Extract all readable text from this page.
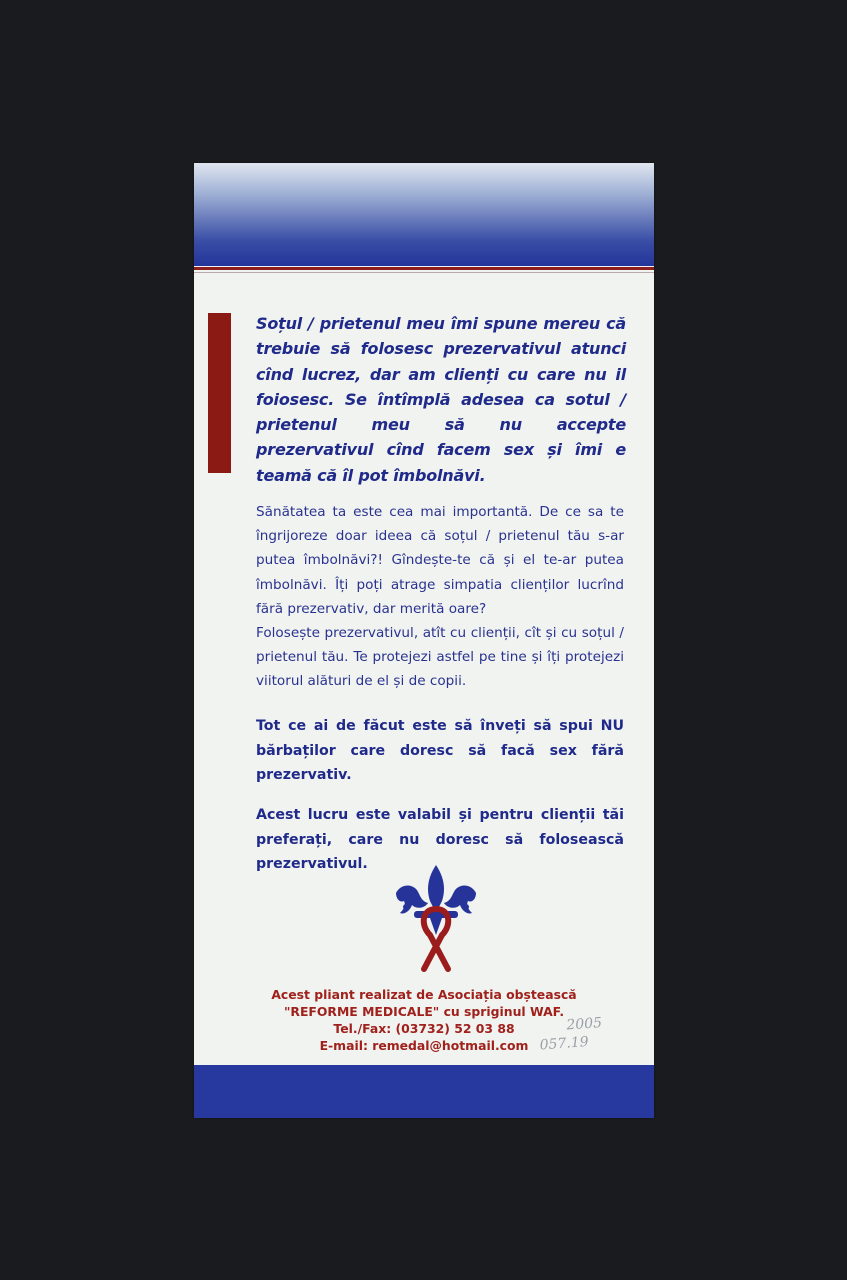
Soțul / prietenul meu îmi spune mereu că trebuie să folosesc prezervativul atunci cînd lucrez, dar am clienți cu care nu il foiosesc. Se întîmplă adesea ca sotul / prietenul meu să nu accepte prezervativul cînd facem sex și îmi e teamă că îl pot îmbolnăvi.

Sănătatea ta este cea mai importantă. De ce sa te îngrijoreze doar ideea că soțul / prietenul tău s-ar putea îmbolnăvi?! Gîndește-te că și el te-ar putea îmbolnăvi. Îți poți atrage simpatia clienților lucrînd fără prezervativ, dar merită oare?

Folosește prezervativul, atît cu clienții, cît și cu soțul / prietenul tău. Te protejezi astfel pe tine și îți protejezi viitorul alături de el și de copii.

Tot ce ai de făcut este să înveți să spui NU bărbaților care doresc să facă sex fără prezervativ.
Acest lucru este valabil și pentru clienții tăi preferați, care nu doresc să folosească prezervativul.
Acest pliant realizat de Asociația obștească
"REFORME MEDICALE" cu spriginul WAF.
Tel./Fax: (03732) 52 03 88
E-mail: remedal@hotmail.com
2005
057.19
